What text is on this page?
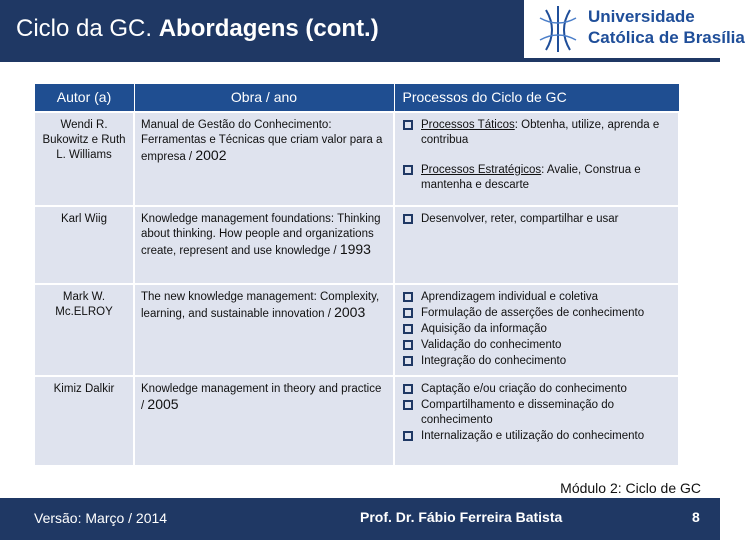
Ciclo da GC. Abordagens (cont.)	Universidade
Católica de Brasília
Autor (a)	Obra / ano	Processos do Ciclo de GC
Wendi R. Bukowitz e Ruth L. Williams	Manual de Gestão do Conhecimento: Ferramentas e Técnicas que criam valor para a empresa / 2002	Processos Táticos: Obtenha, utilize, aprenda e contribua
Processos Estratégicos: Avalie, Construa e mantenha e descarte

Karl Wiig	Knowledge management foundations: Thinking about thinking. How people and organizations create, represent and use knowledge / 1993	Desenvolver, reter, compartilhar e usar

Mark W. Mc.ELROY	The new knowledge management: Complexity, learning, and sustainable innovation / 2003	Aprendizagem individual e coletiva
Formulação de asserções de conhecimento
Aquisição da informação
Validação do conhecimento
Integração do conhecimento

Kimiz Dalkir	Knowledge management in theory and practice / 2005	Captação e/ou criação do conhecimento
Compartilhamento e disseminação do conhecimento
Internalização e utilização do conhecimento
Módulo 2: Ciclo de GC
Versão: Março / 2014	Prof. Dr. Fábio Ferreira Batista	8
